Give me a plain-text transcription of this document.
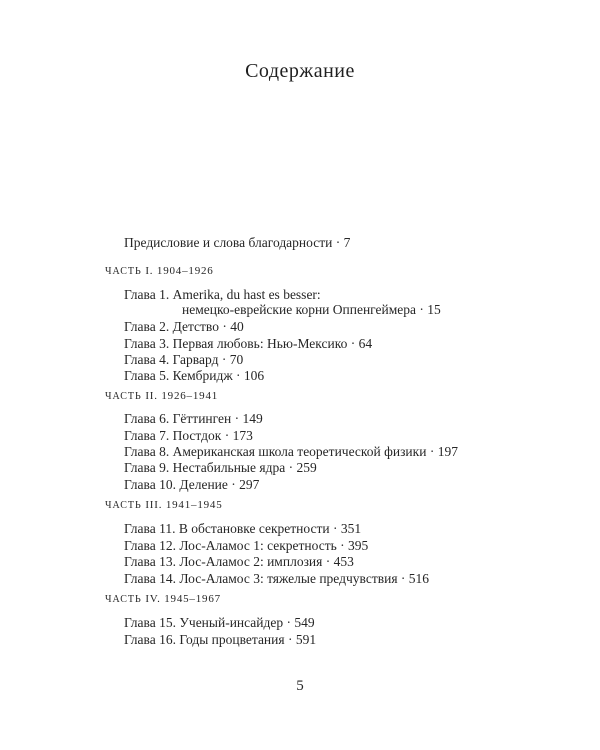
Содержание
Предисловие и слова благодарности · 7
ЧАСТЬ I. 1904–1926
Глава 1. Amerika, du hast es besser:
немецко-еврейские корни Оппенгеймера · 15
Глава 2. Детство · 40
Глава 3. Первая любовь: Нью-Мексико · 64
Глава 4. Гарвард · 70
Глава 5. Кембридж · 106
ЧАСТЬ II. 1926–1941
Глава 6. Гёттинген · 149
Глава 7. Постдок · 173
Глава 8. Американская школа теоретической физики · 197
Глава 9. Нестабильные ядра · 259
Глава 10. Деление · 297
ЧАСТЬ III. 1941–1945
Глава 11. В обстановке секретности · 351
Глава 12. Лос-Аламос 1: секретность · 395
Глава 13. Лос-Аламос 2: имплозия · 453
Глава 14. Лос-Аламос 3: тяжелые предчувствия · 516
ЧАСТЬ IV. 1945–1967
Глава 15. Ученый-инсайдер · 549
Глава 16. Годы процветания · 591
5
